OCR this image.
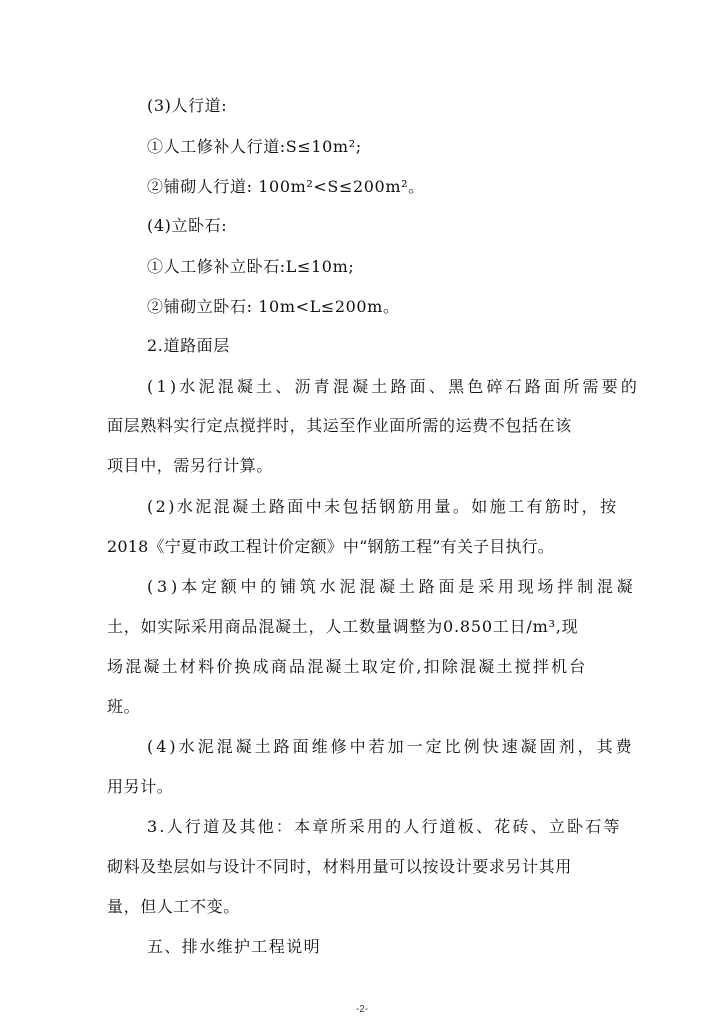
(3)人行道:
①人工修补人行道:S≤10m²;
②铺砌人行道: 100m²<S≤200m²。
(4)立卧石:
①人工修补立卧石:L≤10m;
②铺砌立卧石: 10m<L≤200m。
2.道路面层
(1)水泥混凝土、沥青混凝土路面、黑色碎石路面所需要的
面层熟料实行定点搅拌时，其运至作业面所需的运费不包括在该
项目中，需另行计算。
(2)水泥混凝土路面中未包括钢筋用量。如施工有筋时，按
2018《宁夏市政工程计价定额》中“钢筋工程”有关子目执行。
(3)本定额中的铺筑水泥混凝土路面是采用现场拌制混凝
土，如实际采用商品混凝土，人工数量调整为0.850工日/m³,现
场混凝土材料价换成商品混凝土取定价,扣除混凝土搅拌机台
班。
(4)水泥混凝土路面维修中若加一定比例快速凝固剂，其费
用另计。
3.人行道及其他：本章所采用的人行道板、花砖、立卧石等
砌料及垫层如与设计不同时，材料用量可以按设计要求另计其用
量，但人工不变。
五、排水维护工程说明
-2-
